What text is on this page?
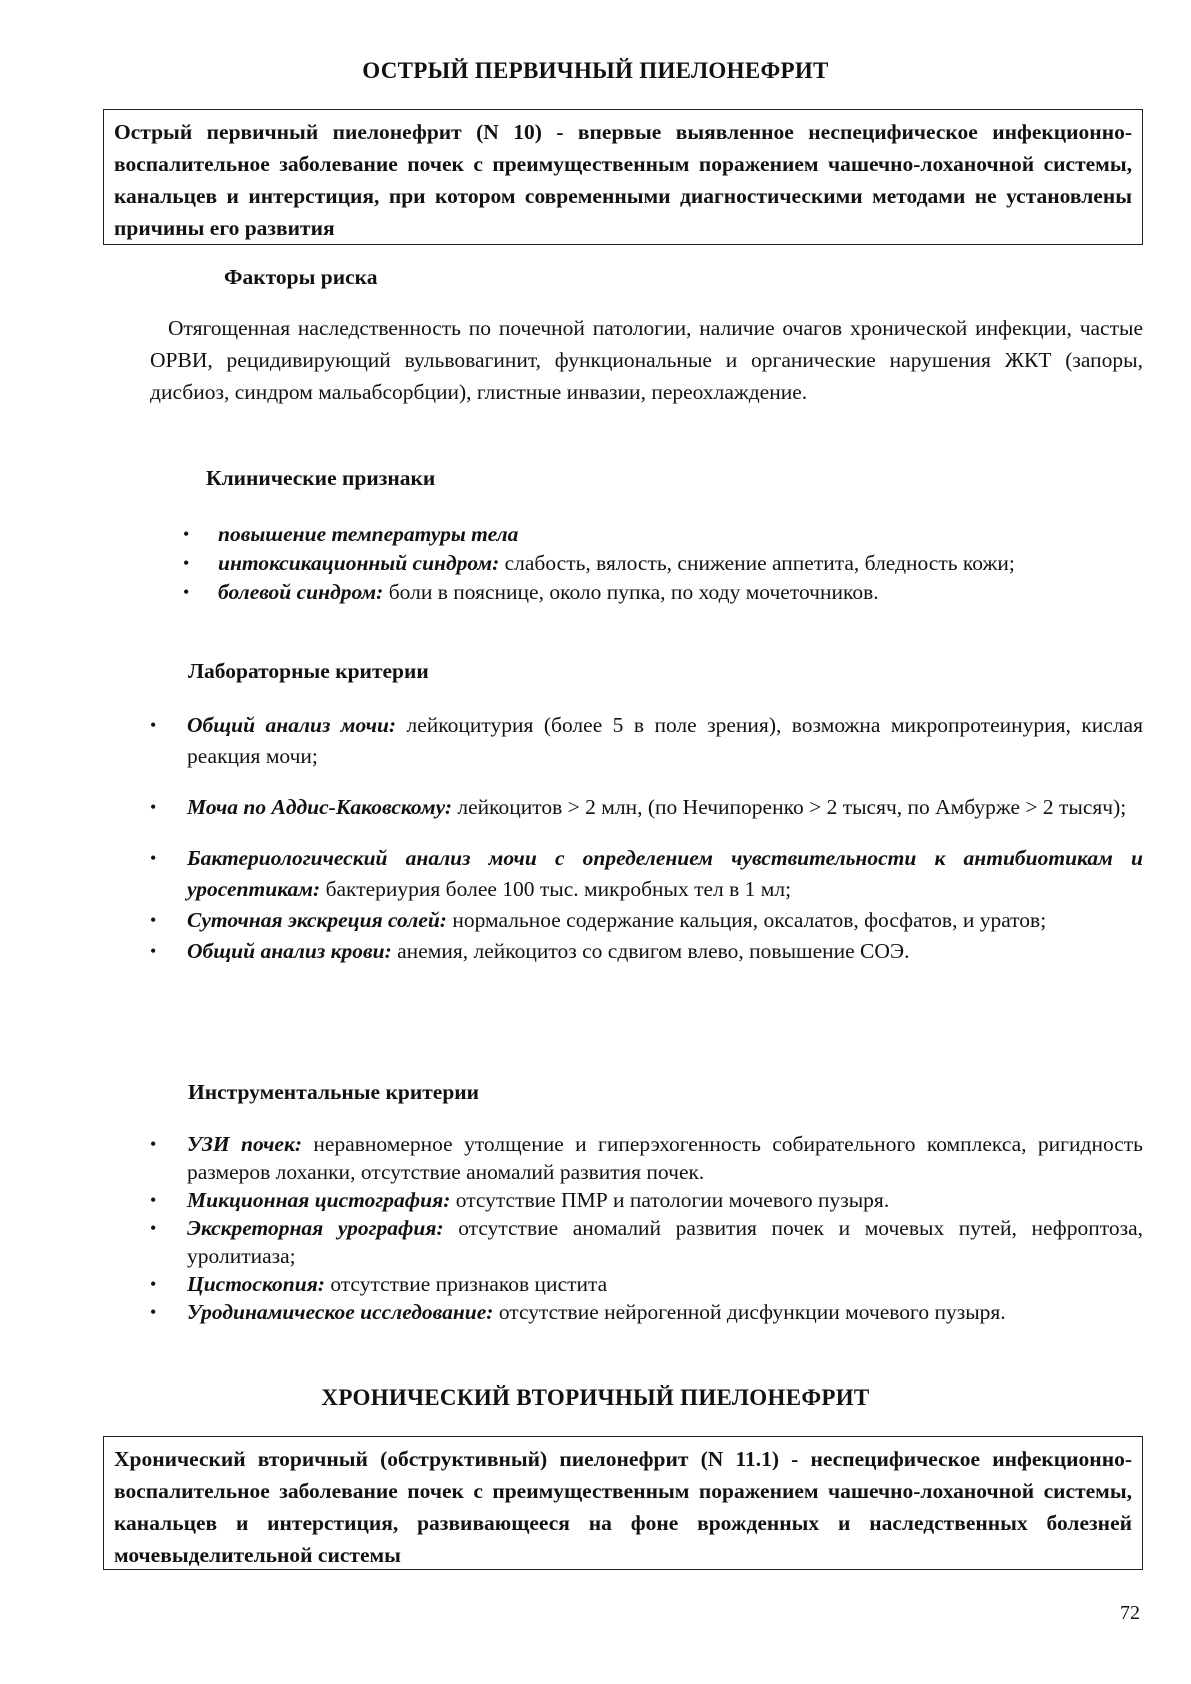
ОСТРЫЙ ПЕРВИЧНЫЙ ПИЕЛОНЕФРИТ
Острый первичный пиелонефрит (N 10) - впервые выявленное неспецифическое инфекционно-воспалительное заболевание почек с преимущественным поражением чашечно-лоханочной системы, канальцев и интерстиция, при котором современными диагностическими методами не установлены причины его развития
Факторы риска
Отягощенная наследственность по почечной патологии, наличие очагов хронической инфекции, частые ОРВИ, рецидивирующий вульвовагинит, функциональные и органические нарушения ЖКТ (запоры, дисбиоз, синдром мальабсорбции), глистные инвазии, переохлаждение.
Клинические признаки
• повышение температуры тела
• интоксикационный синдром: слабость, вялость, снижение аппетита, бледность кожи;
• болевой синдром: боли в пояснице, около пупка, по ходу мочеточников.
Лабораторные критерии
• Общий анализ мочи: лейкоцитурия (более 5 в поле зрения), возможна микропротеинурия, кислая реакция мочи;
• Моча по Аддис-Каковскому: лейкоцитов > 2 млн, (по Нечипоренко > 2 тысяч, по Амбурже > 2 тысяч);
• Бактериологический анализ мочи с определением чувствительности к антибиотикам и уросептикам: бактериурия более 100 тыс. микробных тел в 1 мл;
• Суточная экскреция солей: нормальное содержание кальция, оксалатов, фосфатов, и уратов;
• Общий анализ крови: анемия, лейкоцитоз со сдвигом влево, повышение СОЭ.
Инструментальные критерии
• УЗИ почек: неравномерное утолщение и гиперэхогенность собирательного комплекса, ригидность размеров лоханки, отсутствие аномалий развития почек.
• Микционная цистография: отсутствие ПМР и патологии мочевого пузыря.
• Экскреторная урография: отсутствие аномалий развития почек и мочевых путей, нефроптоза, уролитиаза;
• Цистоскопия: отсутствие признаков цистита
• Уродинамическое исследование: отсутствие нейрогенной дисфункции мочевого пузыря.
ХРОНИЧЕСКИЙ ВТОРИЧНЫЙ ПИЕЛОНЕФРИТ
Хронический вторичный (обструктивный) пиелонефрит (N 11.1) - неспецифическое инфекционно-воспалительное заболевание почек с преимущественным поражением чашечно-лоханочной системы, канальцев и интерстиция, развивающееся на фоне врожденных и наследственных болезней мочевыделительной системы
72
